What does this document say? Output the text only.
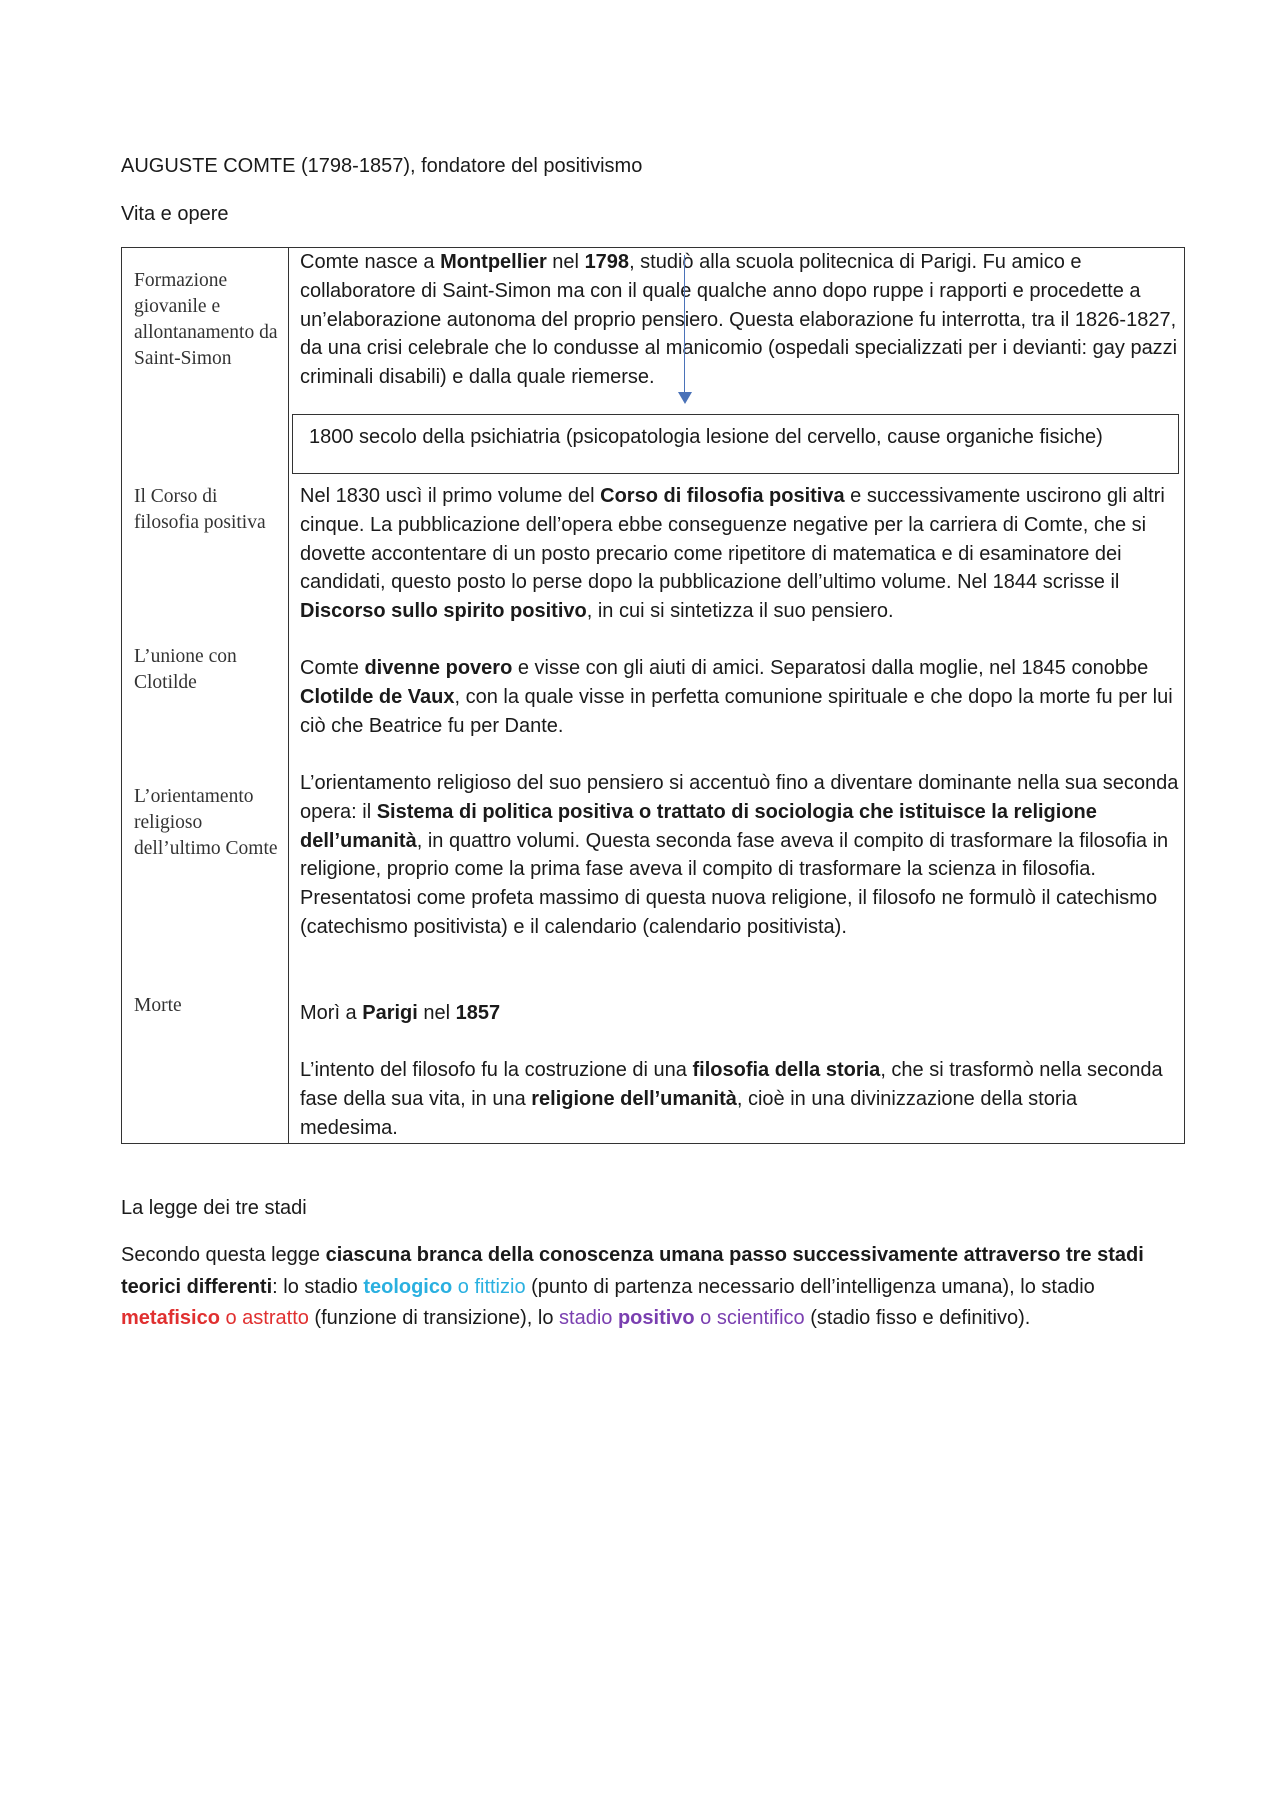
AUGUSTE COMTE (1798-1857), fondatore del positivismo
Vita e opere
Formazione giovanile e allontanamento da Saint-Simon
Il Corso di filosofia positiva
L’unione con Clotilde
L’orientamento religioso dell’ultimo Comte
Morte
Comte nasce a Montpellier nel 1798, studiò alla scuola politecnica di Parigi. Fu amico e collaboratore di Saint-Simon ma con il quale qualche anno dopo ruppe i rapporti e procedette a un’elaborazione autonoma del proprio pensiero. Questa elaborazione fu interrotta, tra il 1826-1827, da una crisi celebrale che lo condusse al manicomio (ospedali specializzati per i devianti: gay pazzi criminali disabili) e dalla quale riemerse.
1800 secolo della psichiatria (psicopatologia lesione del cervello, cause organiche fisiche)
Nel 1830 uscì il primo volume del Corso di filosofia positiva e successivamente uscirono gli altri cinque. La pubblicazione dell’opera ebbe conseguenze negative per la carriera di Comte, che si dovette accontentare di un posto precario come ripetitore di matematica e di esaminatore dei candidati, questo posto lo perse dopo la pubblicazione dell’ultimo volume. Nel 1844 scrisse il Discorso sullo spirito positivo, in cui si sintetizza il suo pensiero.
Comte divenne povero e visse con gli aiuti di amici. Separatosi dalla moglie, nel 1845 conobbe Clotilde de Vaux, con la quale visse in perfetta comunione spirituale e che dopo la morte fu per lui ciò che Beatrice fu per Dante.
L’orientamento religioso del suo pensiero si accentuò fino a diventare dominante nella sua seconda opera: il Sistema di politica positiva o trattato di sociologia che istituisce la religione dell’umanità, in quattro volumi. Questa seconda fase aveva il compito di trasformare la filosofia in religione, proprio come la prima fase aveva il compito di trasformare la scienza in filosofia. Presentatosi come profeta massimo di questa nuova religione, il filosofo ne formulò il catechismo (catechismo positivista) e il calendario (calendario positivista).
Morì a Parigi nel 1857
L’intento del filosofo fu la costruzione di una filosofia della storia, che si trasformò nella seconda fase della sua vita, in una religione dell’umanità, cioè in una divinizzazione della storia medesima.
La legge dei tre stadi
Secondo questa legge ciascuna branca della conoscenza umana passo successivamente attraverso tre stadi teorici differenti: lo stadio teologico o fittizio (punto di partenza necessario dell’intelligenza umana), lo stadio metafisico o astratto (funzione di transizione), lo stadio positivo o scientifico (stadio fisso e definitivo).
